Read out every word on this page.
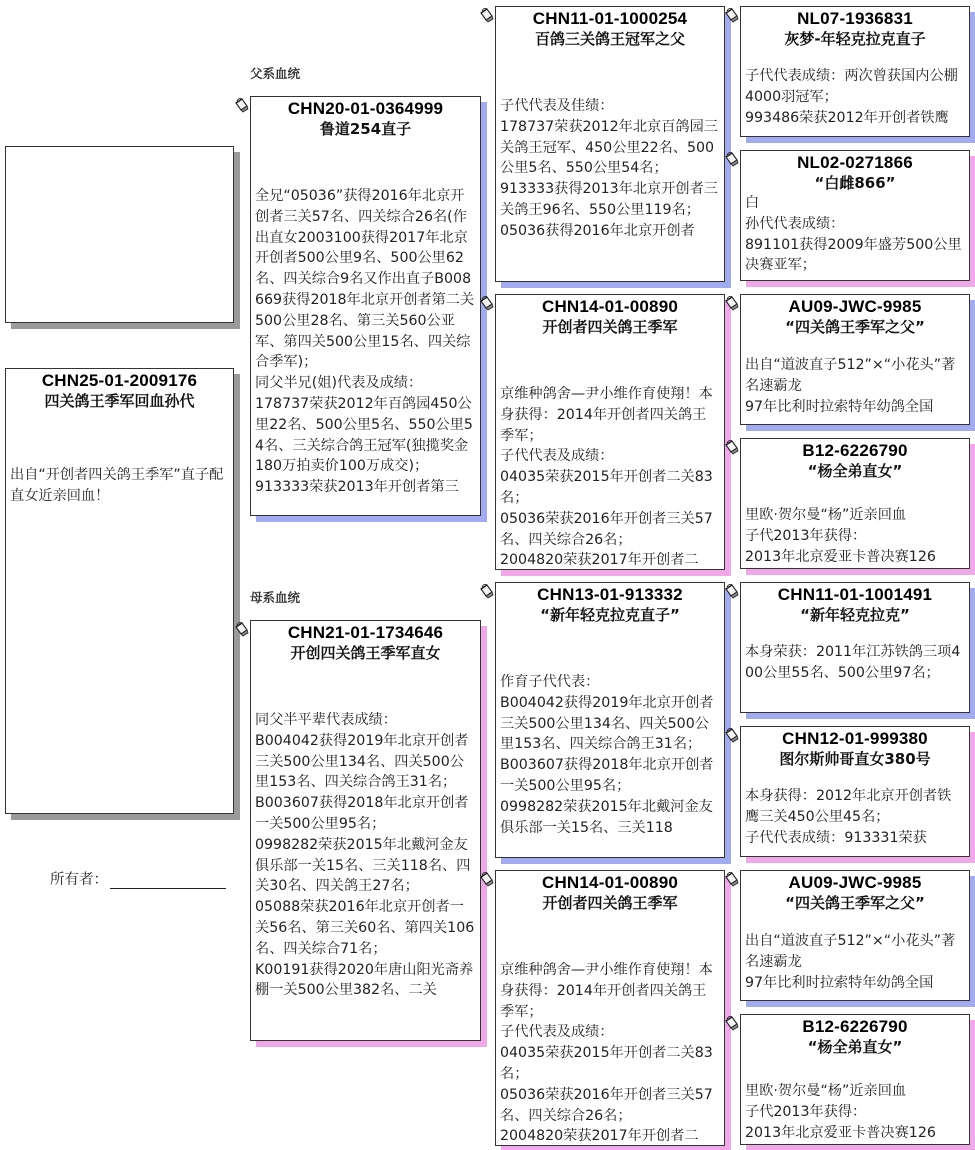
CHN25-01-2009176
四关鸽王季军回血孙代
出自“开创者四关鸽王季军”直子配直女近亲回血！
所有者：
父系血统
母系血统
CHN20-01-0364999
鲁道254直子
全兄“05036”获得2016年北京开创者三关57名、四关综合26名(作出直女2003100获得2017年北京开创者500公里9名、500公里62名、四关综合9名又作出直子B008669获得2018年北京开创者第二关500公里28名、第三关560公亚军、第四关500公里15名、四关综合季军)；
同父半兄(姐)代表及成绩：
178737荣获2012年百鸽园450公里22名、500公里5名、550公里54名、三关综合鸽王冠军(独揽奖金180万拍卖价100万成交)；
913333荣获2013年开创者第三
CHN21-01-1734646
开创四关鸽王季军直女
同父半平辈代表成绩：
B004042获得2019年北京开创者三关500公里134名、四关500公里153名、四关综合鸽王31名；
B003607获得2018年北京开创者一关500公里95名；
0998282荣获2015年北戴河金友俱乐部一关15名、三关118名、四关30名、四关鸽王27名；
05088荣获2016年北京开创者一关56名、第三关60名、第四关106名、四关综合71名；
K00191获得2020年唐山阳光斋养棚一关500公里382名、二关
CHN11-01-1000254
百鸽三关鸽王冠军之父
子代代表及佳绩：
178737荣获2012年北京百鸽园三关鸽王冠军、450公里22名、500公里5名、550公里54名；
913333获得2013年北京开创者三关鸽王96名、550公里119名；
05036获得2016年北京开创者
CHN14-01-00890
开创者四关鸽王季军
京维种鸽舍—尹小维作育使翔！本身获得：2014年开创者四关鸽王季军；
子代代表及成绩：
04035荣获2015年开创者二关83名；
05036荣获2016年开创者三关57名、四关综合26名；
2004820荣获2017年开创者二
CHN13-01-913332
“新年轻克拉克直子”
作育子代代表：
B004042获得2019年北京开创者三关500公里134名、四关500公里153名、四关综合鸽王31名；
B003607获得2018年北京开创者一关500公里95名；
0998282荣获2015年北戴河金友俱乐部一关15名、三关118
CHN14-01-00890
开创者四关鸽王季军
京维种鸽舍—尹小维作育使翔！本身获得：2014年开创者四关鸽王季军；
子代代表及成绩：
04035荣获2015年开创者二关83名；
05036荣获2016年开创者三关57名、四关综合26名；
2004820荣获2017年开创者二
NL07-1936831
灰梦-年轻克拉克直子
子代代表成绩：两次曾获国内公棚4000羽冠军；
993486荣获2012年开创者铁鹰
NL02-0271866
“白雌866”
白
孙代代表成绩：
891101获得2009年盛芳500公里决赛亚军；
AU09-JWC-9985
“四关鸽王季军之父”
出自“道波直子512”×“小花头”著名速霸龙
97年比利时拉索特年幼鸽全国
B12-6226790
“杨全弟直女”
里欧·贺尔曼“杨”近亲回血
子代2013年获得：
2013年北京爱亚卡普决赛126
CHN11-01-1001491
“新年轻克拉克”
本身荣获：2011年江苏铁鸽三项400公里55名、500公里97名；
CHN12-01-999380
图尔斯帅哥直女380号
本身获得：2012年北京开创者铁鹰三关450公里45名；
子代代表成绩：913331荣获
AU09-JWC-9985
“四关鸽王季军之父”
出自“道波直子512”×“小花头”著名速霸龙
97年比利时拉索特年幼鸽全国
B12-6226790
“杨全弟直女”
里欧·贺尔曼“杨”近亲回血
子代2013年获得：
2013年北京爱亚卡普决赛126
